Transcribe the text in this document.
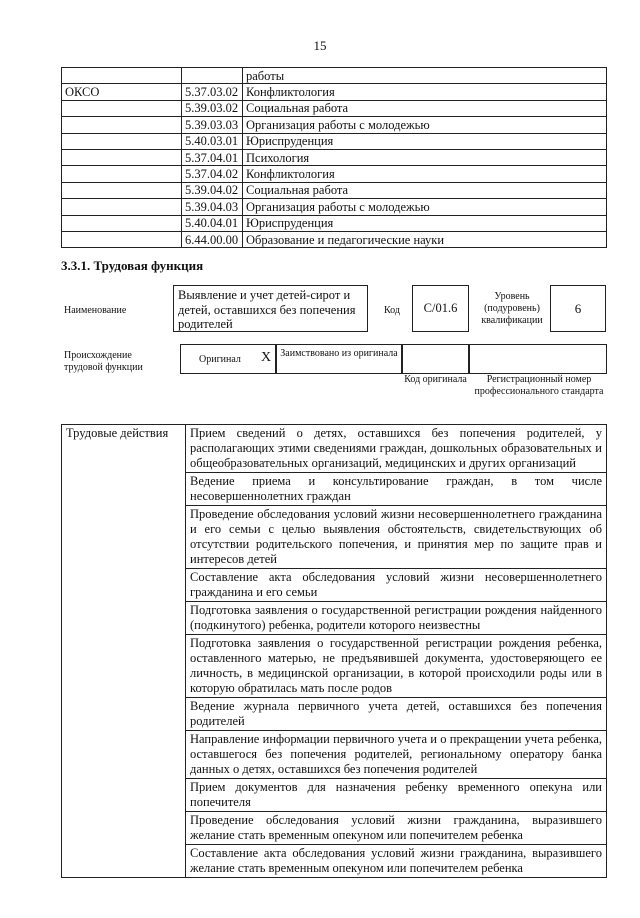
15
		работы
ОКСО	5.37.03.02	Конфликтология
	5.39.03.02	Социальная работа
	5.39.03.03	Организация работы с молодежью
	5.40.03.01	Юриспруденция
	5.37.04.01	Психология
	5.37.04.02	Конфликтология
	5.39.04.02	Социальная работа
	5.39.04.03	Организация работы с молодежью
	5.40.04.01	Юриспруденция
	6.44.00.00	Образование и педагогические науки
3.3.1. Трудовая функция
Наименование
Выявление и учет детей-сирот и детей, оставшихся без попечения родителей
Код С/01.6
Уровень (подуровень) квалификации
6
Происхождение трудовой функции
Оригинал X Заимствовано из оригинала
Код оригинала	Регистрационный номер профессионального стандарта
Трудовые действия	Прием сведений о детях, оставшихся без попечения родителей, у располагающих этими сведениями граждан, дошкольных образовательных и общеобразовательных организаций, медицинских и других организаций
Ведение приема и консультирование граждан, в том числе несовершеннолетних граждан
Проведение обследования условий жизни несовершеннолетнего гражданина и его семьи с целью выявления обстоятельств, свидетельствующих об отсутствии родительского попечения, и принятия мер по защите прав и интересов детей
Составление акта обследования условий жизни несовершеннолетнего гражданина и его семьи
Подготовка заявления о государственной регистрации рождения найденного (подкинутого) ребенка, родители которого неизвестны
Подготовка заявления о государственной регистрации рождения ребенка, оставленного матерью, не предъявившей документа, удостоверяющего ее личность, в медицинской организации, в которой происходили роды или в которую обратилась мать после родов
Ведение журнала первичного учета детей, оставшихся без попечения родителей
Направление информации первичного учета и о прекращении учета ребенка, оставшегося без попечения родителей, региональному оператору банка данных о детях, оставшихся без попечения родителей
Прием документов для назначения ребенку временного опекуна или попечителя
Проведение обследования условий жизни гражданина, выразившего желание стать временным опекуном или попечителем ребенка
Составление акта обследования условий жизни гражданина, выразившего желание стать временным опекуном или попечителем ребенка
